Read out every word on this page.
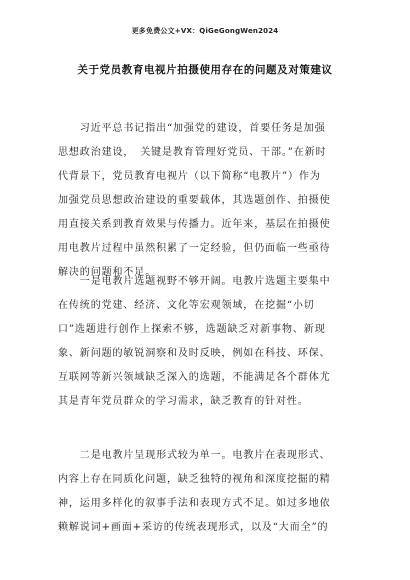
更多免费公文+VX：QiGeGongWen2024
关于党员教育电视片拍摄使用存在的问题及对策建议
　　习近平总书记指出“加强党的建设，首要任务是加强
思想政治建设，　关键是教育管理好党员、干部。”在新时
代背景下，党员教育电视片（以下简称“电教片”）作为
加强党员思想政治建设的重要载体，其选题创作、拍摄使
用直接关系到教育效果与传播力。近年来，基层在拍摄使
用电教片过程中虽然积累了一定经验，但仍面临一些亟待
解决的问题和不足。
　　一是电教片选题视野不够开阔。电教片选题主要集中
在传统的党建、经济、文化等宏观领域，在挖掘“小切
口”选题进行创作上探索不够，选题缺乏对新事物、新现
象、新问题的敏锐洞察和及时反映，例如在科技、环保、
互联网等新兴领域缺乏深入的选题，不能满足各个群体尤
其是青年党员群众的学习需求，缺乏教育的针对性。
　　二是电教片呈现形式较为单一。电教片在表现形式、
内容上存在同质化问题，缺乏独特的视角和深度挖掘的精
神，运用多样化的叙事手法和表现方式不足。如过多地依
赖解说词+画面+采访的传统表现形式，以及“大而全”的
